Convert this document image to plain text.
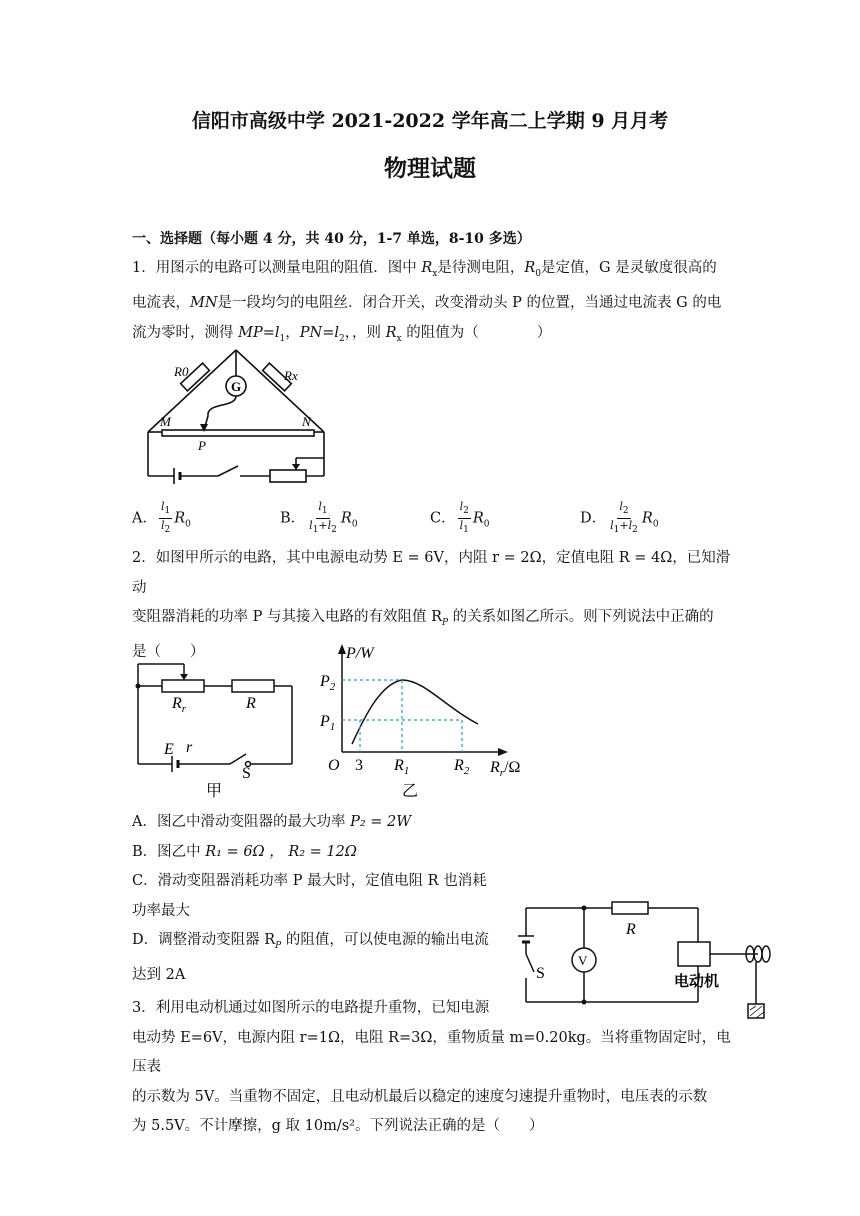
信阳市高级中学 2021-2022 学年高二上学期 9 月月考
物理试题
一、选择题（每小题 4 分，共 40 分，1-7 单选，8-10 多选）
1．用图示的电路可以测量电阻的阻值．图中 $R_x$是待测电阻，$R_0$是定值，G 是灵敏度很高的
电流表，MN是一段均匀的电阻丝．闭合开关，改变滑动头 P 的位置，当通过电流表 G 的电
流为零时，测得 $MP=l_1$，$PN=l_2$，，则 $R_x$ 的阻值为（　　　　）
R0	Rx
G
M	N
P
A． $\frac{l_1}{l_2} R_0$	B． $\frac{l_1}{l_1+l_2} R_0$	C． $\frac{l_2}{l_1} R_0$	D． $\frac{l_2}{l_1+l_2} R_0$
2．如图甲所示的电路，其中电源电动势 E = 6V，内阻 r = 2Ω，定值电阻 R = 4Ω，已知滑动
变阻器消耗的功率 P 与其接入电路的有效阻值 $R_P$ 的关系如图乙所示。则下列说法中正确的
是（　　）
$R_r$	R
E r
S
甲
P/W
$P_2$
$P_1$
O 3 $R_1$	$R_2$ $R_r/\Omega$
乙
A．图乙中滑动变阻器的最大功率 P₂ = 2W
B．图乙中 R₁ = 6Ω ， R₂ = 12Ω
C．滑动变阻器消耗功率 P 最大时，定值电阻 R 也消耗
功率最大
D．调整滑动变阻器 $R_P$ 的阻值，可以使电源的输出电流
达到 2A
R
V
S	电动机
3．利用电动机通过如图所示的电路提升重物，已知电源
电动势 E=6V，电源内阻 r=1Ω，电阻 R=3Ω，重物质量 m=0.20kg。当将重物固定时，电压表
的示数为 5V。当重物不固定，且电动机最后以稳定的速度匀速提升重物时，电压表的示数
为 5.5V。不计摩擦，g 取 10m/s²。下列说法正确的是（　　）
